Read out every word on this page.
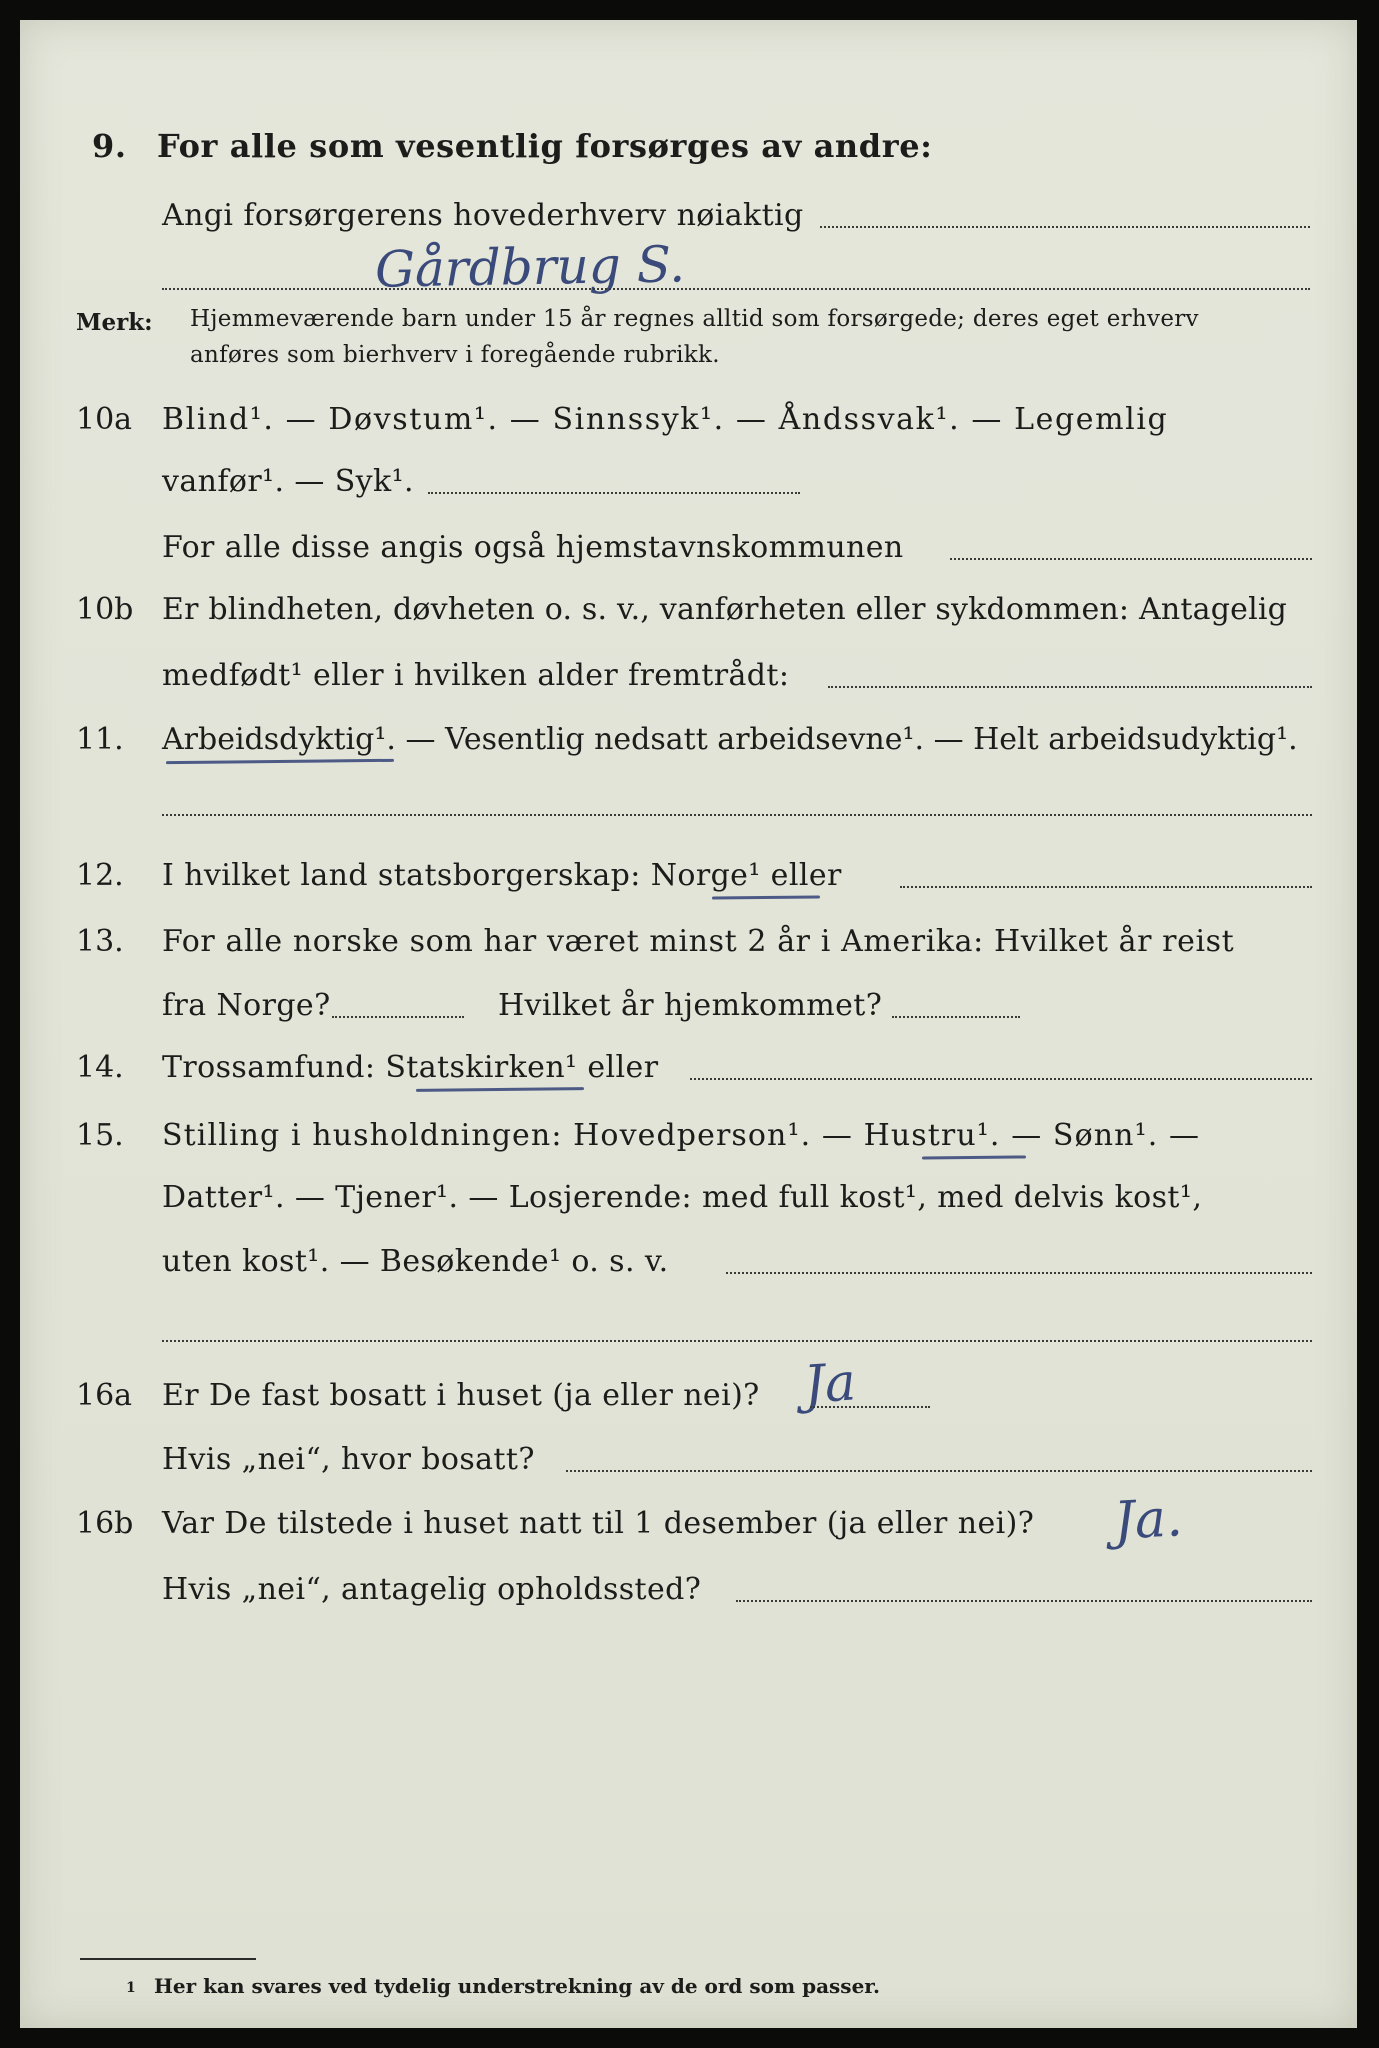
9. For alle som vesentlig forsørges av andre:
Angi forsørgerens hovederhverv nøiaktig
Gårdbrug S.
Merk: Hjemmeværende barn under 15 år regnes alltid som forsørgede; deres eget erhverv
anføres som bierhverv i foregående rubrikk.
10a Blind¹. — Døvstum¹. — Sinnssyk¹. — Åndssvak¹. — Legemlig
vanfør¹. — Syk¹.
For alle disse angis også hjemstavnskommunen
10b Er blindheten, døvheten o. s. v., vanførheten eller sykdommen: Antagelig
medfødt¹ eller i hvilken alder fremtrådt:
11. Arbeidsdyktig¹. — Vesentlig nedsatt arbeidsevne¹. — Helt arbeidsudyktig¹.
12. I hvilket land statsborgerskap: Norge¹ eller
13. For alle norske som har været minst 2 år i Amerika: Hvilket år reist
fra Norge?	Hvilket år hjemkommet?
14. Trossamfund: Statskirken¹ eller
15. Stilling i husholdningen: Hovedperson¹. — Hustru¹. — Sønn¹. —
Datter¹. — Tjener¹. — Losjerende: med full kost¹, med delvis kost¹,
uten kost¹. — Besøkende¹ o. s. v.
16a Er De fast bosatt i huset (ja eller nei)? Ja
Hvis „nei“, hvor bosatt?
16b Var De tilstede i huset natt til 1 desember (ja eller nei)? Ja.
Hvis „nei“, antagelig opholdssted?
1 Her kan svares ved tydelig understrekning av de ord som passer.
